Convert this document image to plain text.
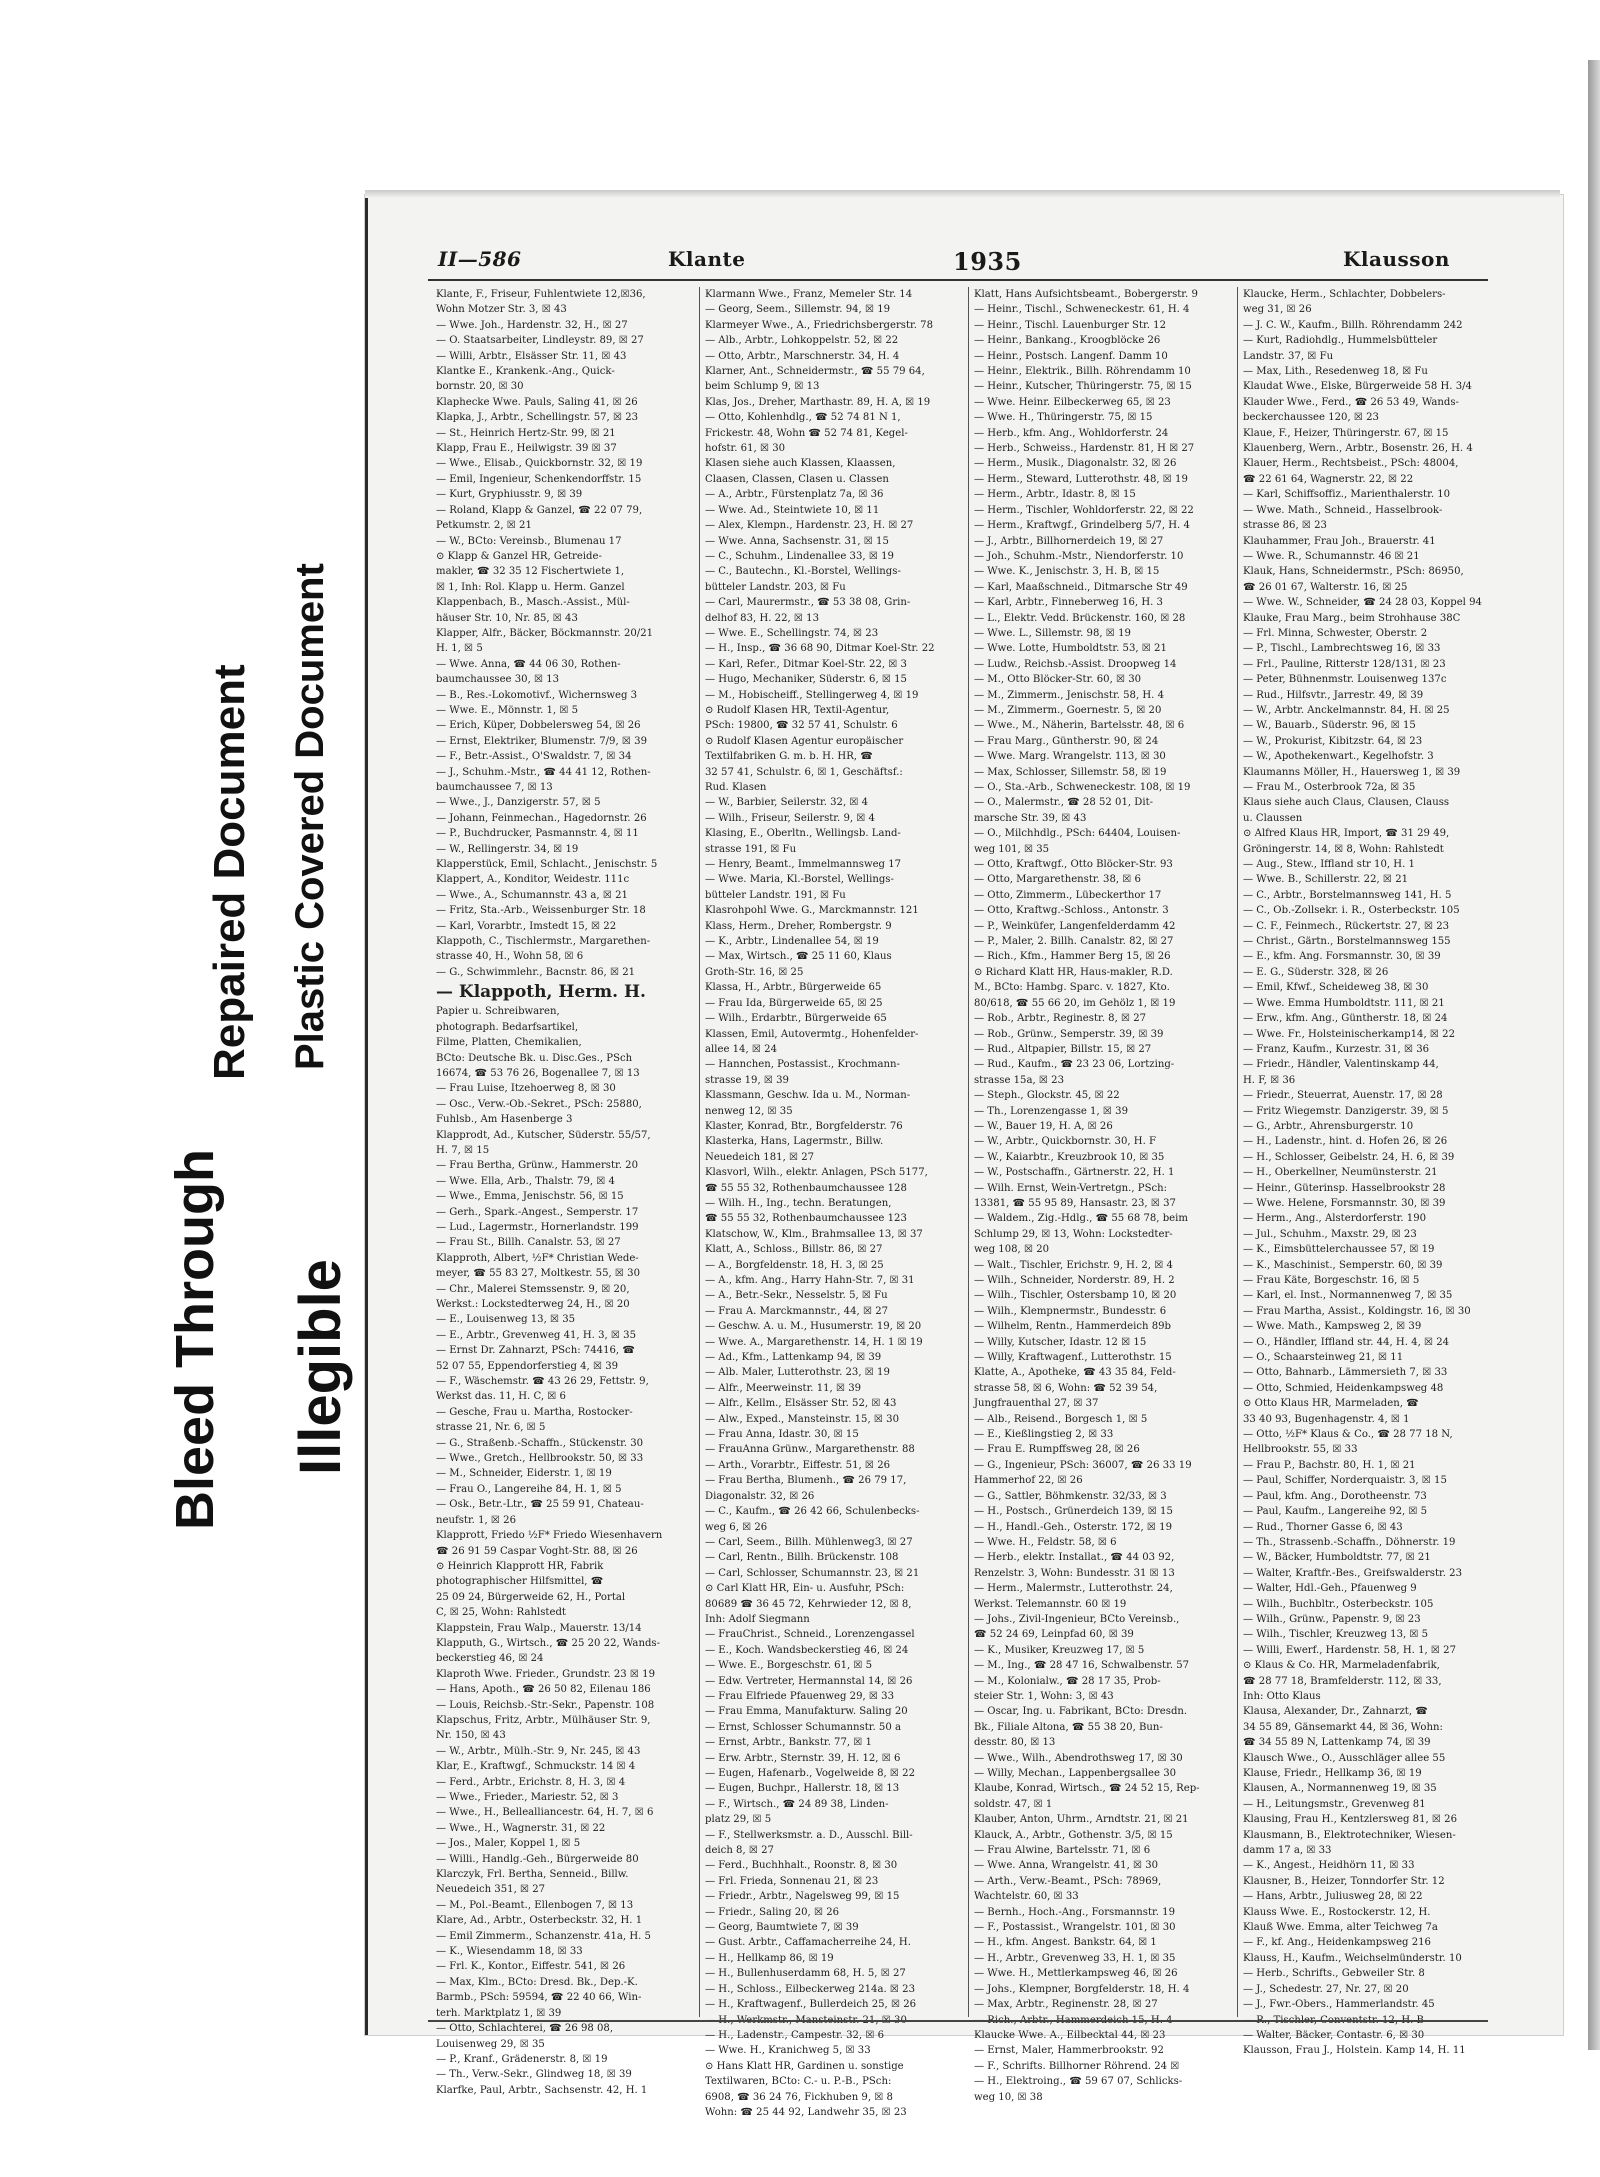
Bleed Through Illegible
Repaired Document Plastic Covered Document
II—586	Klante	1935	Klausson
Klante, F., Friseur, Fuhlentwiete 12,☒36,
Wohn Motzer Str. 3, ☒ 43
— Wwe. Joh., Hardenstr. 32, H., ☒ 27
— O. Staatsarbeiter, Lindleystr. 89, ☒ 27
— Willi, Arbtr., Elsässer Str. 11, ☒ 43
Klantke E., Krankenk.-Ang., Quick-
bornstr. 20, ☒ 30
Klaphecke Wwe. Pauls, Saling 41, ☒ 26
Klapka, J., Arbtr., Schellingstr. 57, ☒ 23
— St., Heinrich Hertz-Str. 99, ☒ 21
Klapp, Frau E., Heilwigstr. 39 ☒ 37
— Wwe., Elisab., Quickbornstr. 32, ☒ 19
— Emil, Ingenieur, Schenkendorffstr. 15
— Kurt, Gryphiusstr. 9, ☒ 39
— Roland, Klapp & Ganzel, ☎ 22 07 79,
Petkumstr. 2, ☒ 21
— W., BCto: Vereinsb., Blumenau 17
⊙ Klapp & Ganzel HR, Getreide-
makler, ☎ 32 35 12 Fischertwiete 1,
☒ 1, Inh: Rol. Klapp u. Herm. Ganzel
Klappenbach, B., Masch.-Assist., Mül-
häuser Str. 10, Nr. 85, ☒ 43
Klapper, Alfr., Bäcker, Böckmannstr. 20/21
H. 1, ☒ 5
— Wwe. Anna, ☎ 44 06 30, Rothen-
baumchaussee 30, ☒ 13
— B., Res.-Lokomotivf., Wichernsweg 3
— Wwe. E., Mönnstr. 1, ☒ 5
— Erich, Küper, Dobbelersweg 54, ☒ 26
— Ernst, Elektriker, Blumenstr. 7/9, ☒ 39
— F., Betr.-Assist., O'Swaldstr. 7, ☒ 34
— J., Schuhm.-Mstr., ☎ 44 41 12, Rothen-
baumchaussee 7, ☒ 13
— Wwe., J., Danzigerstr. 57, ☒ 5
— Johann, Feinmechan., Hagedornstr. 26
— P., Buchdrucker, Pasmannstr. 4, ☒ 11
— W., Rellingerstr. 34, ☒ 19
Klapperstück, Emil, Schlacht., Jenischstr. 5
Klappert, A., Konditor, Weidestr. 111c
— Wwe., A., Schumannstr. 43 a, ☒ 21
— Fritz, Sta.-Arb., Weissenburger Str. 18
— Karl, Vorarbtr., Imstedt 15, ☒ 22
Klappoth, C., Tischlermstr., Margarethen-
strasse 40, H., Wohn 58, ☒ 6
— G., Schwimmlehr., Bacnstr. 86, ☒ 21
— Klappoth, Herm. H.
Papier u. Schreibwaren,
photograph. Bedarfsartikel,
Filme, Platten, Chemikalien,
BCto: Deutsche Bk. u. Disc.Ges., PSch
16674, ☎ 53 76 26, Bogenallee 7, ☒ 13
— Frau Luise, Itzehoerweg 8, ☒ 30
— Osc., Verw.-Ob.-Sekret., PSch: 25880,
Fuhlsb., Am Hasenberge 3
Klapprodt, Ad., Kutscher, Süderstr. 55/57,
H. 7, ☒ 15
— Frau Bertha, Grünw., Hammerstr. 20
— Wwe. Ella, Arb., Thalstr. 79, ☒ 4
— Wwe., Emma, Jenischstr. 56, ☒ 15
— Gerh., Spark.-Angest., Semperstr. 17
— Lud., Lagermstr., Hornerlandstr. 199
— Frau St., Billh. Canalstr. 53, ☒ 27
Klapproth, Albert, ½F* Christian Wede-
meyer, ☎ 55 83 27, Moltkestr. 55, ☒ 30
— Chr., Malerei Stemssenstr. 9, ☒ 20,
Werkst.: Lockstedterweg 24, H., ☒ 20
— E., Louisenweg 13, ☒ 35
— E., Arbtr., Grevenweg 41, H. 3, ☒ 35
— Ernst Dr. Zahnarzt, PSch: 74416, ☎
52 07 55, Eppendorferstieg 4, ☒ 39
— F., Wäschemstr. ☎ 43 26 29, Fettstr. 9,
Werkst das. 11, H. C, ☒ 6
— Gesche, Frau u. Martha, Rostocker-
strasse 21, Nr. 6, ☒ 5
— G., Straßenb.-Schaffn., Stückenstr. 30
— Wwe., Gretch., Hellbrookstr. 50, ☒ 33
— M., Schneider, Eiderstr. 1, ☒ 19
— Frau O., Langereihe 84, H. 1, ☒ 5
— Osk., Betr.-Ltr., ☎ 25 59 91, Chateau-
neufstr. 1, ☒ 26
Klapprott, Friedo ½F* Friedo Wiesenhavern
☎ 26 91 59 Caspar Voght-Str. 88, ☒ 26
⊙ Heinrich Klapprott HR, Fabrik
photographischer Hilfsmittel, ☎
25 09 24, Bürgerweide 62, H., Portal
C, ☒ 25, Wohn: Rahlstedt
Klappstein, Frau Walp., Mauerstr. 13/14
Klapputh, G., Wirtsch., ☎ 25 20 22, Wands-
beckerstieg 46, ☒ 24
Klaproth Wwe. Frieder., Grundstr. 23 ☒ 19
— Hans, Apoth., ☎ 26 50 82, Eilenau 186
— Louis, Reichsb.-Str.-Sekr., Papenstr. 108
Klapschus, Fritz, Arbtr., Mülhäuser Str. 9,
Nr. 150, ☒ 43
— W., Arbtr., Mülh.-Str. 9, Nr. 245, ☒ 43
Klar, E., Kraftwgf., Schmuckstr. 14 ☒ 4
— Ferd., Arbtr., Erichstr. 8, H. 3, ☒ 4
— Wwe., Frieder., Mariestr. 52, ☒ 3
— Wwe., H., Bellealliancestr. 64, H. 7, ☒ 6
— Wwe., H., Wagnerstr. 31, ☒ 22
— Jos., Maler, Koppel 1, ☒ 5
— Willi., Handlg.-Geh., Bürgerweide 80
Klarczyk, Frl. Bertha, Senneid., Billw.
Neuedeich 351, ☒ 27
— M., Pol.-Beamt., Ellenbogen 7, ☒ 13
Klare, Ad., Arbtr., Osterbeckstr. 32, H. 1
— Emil Zimmerm., Schanzenstr. 41a, H. 5
— K., Wiesendamm 18, ☒ 33
— Frl. K., Kontor., Eiffestr. 541, ☒ 26
— Max, Klm., BCto: Dresd. Bk., Dep.-K.
Barmb., PSch: 59594, ☎ 22 40 66, Win-
terh. Marktplatz 1, ☒ 39
— Otto, Schlachterei, ☎ 26 98 08,
Louisenweg 29, ☒ 35
— P., Kranf., Grädenerstr. 8, ☒ 19
— Th., Verw.-Sekr., Glindweg 18, ☒ 39
Klarfke, Paul, Arbtr., Sachsenstr. 42, H. 1
Klarmann Wwe., Franz, Memeler Str. 14
— Georg, Seem., Sillemstr. 94, ☒ 19
Klarmeyer Wwe., A., Friedrichsbergerstr. 78
— Alb., Arbtr., Lohkoppelstr. 52, ☒ 22
— Otto, Arbtr., Marschnerstr. 34, H. 4
Klarner, Ant., Schneidermstr., ☎ 55 79 64,
beim Schlump 9, ☒ 13
Klas, Jos., Dreher, Marthastr. 89, H. A, ☒ 19
— Otto, Kohlenhdlg., ☎ 52 74 81 N 1,
Frickestr. 48, Wohn ☎ 52 74 81, Kegel-
hofstr. 61, ☒ 30
Klasen siehe auch Klassen, Klaassen,
Claasen, Classen, Clasen u. Classen
— A., Arbtr., Fürstenplatz 7a, ☒ 36
— Wwe. Ad., Steintwiete 10, ☒ 11
— Alex, Klempn., Hardenstr. 23, H. ☒ 27
— Wwe. Anna, Sachsenstr. 31, ☒ 15
— C., Schuhm., Lindenallee 33, ☒ 19
— C., Bautechn., Kl.-Borstel, Wellings-
bütteler Landstr. 203, ☒ Fu
— Carl, Maurermstr., ☎ 53 38 08, Grin-
delhof 83, H. 22, ☒ 13
— Wwe. E., Schellingstr. 74, ☒ 23
— H., Insp., ☎ 36 68 90, Ditmar Koel-Str. 22
— Karl, Refer., Ditmar Koel-Str. 22, ☒ 3
— Hugo, Mechaniker, Süderstr. 6, ☒ 15
— M., Hobischeiff., Stellingerweg 4, ☒ 19
⊙ Rudolf Klasen HR, Textil-Agentur,
PSch: 19800, ☎ 32 57 41, Schulstr. 6
⊙ Rudolf Klasen Agentur europäischer
Textilfabriken G. m. b. H. HR, ☎
32 57 41, Schulstr. 6, ☒ 1, Geschäftsf.:
Rud. Klasen
— W., Barbier, Seilerstr. 32, ☒ 4
— Wilh., Friseur, Seilerstr. 9, ☒ 4
Klasing, E., Oberltn., Wellingsb. Land-
strasse 191, ☒ Fu
— Henry, Beamt., Immelmannsweg 17
— Wwe. Maria, Kl.-Borstel, Wellings-
bütteler Landstr. 191, ☒ Fu
Klasrohpohl Wwe. G., Marckmannstr. 121
Klass, Herm., Dreher, Rombergstr. 9
— K., Arbtr., Lindenallee 54, ☒ 19
— Max, Wirtsch., ☎ 25 11 60, Klaus
Groth-Str. 16, ☒ 25
Klassa, H., Arbtr., Bürgerweide 65
— Frau Ida, Bürgerweide 65, ☒ 25
— Wilh., Erdarbtr., Bürgerweide 65
Klassen, Emil, Autovermtg., Hohenfelder-
allee 14, ☒ 24
— Hannchen, Postassist., Krochmann-
strasse 19, ☒ 39
Klassmann, Geschw. Ida u. M., Norman-
nenweg 12, ☒ 35
Klaster, Konrad, Btr., Borgfelderstr. 76
Klasterka, Hans, Lagermstr., Billw.
Neuedeich 181, ☒ 27
Klasvorl, Wilh., elektr. Anlagen, PSch 5177,
☎ 55 55 32, Rothenbaumchaussee 128
— Wilh. H., Ing., techn. Beratungen,
☎ 55 55 32, Rothenbaumchaussee 123
Klatschow, W., Klm., Brahmsallee 13, ☒ 37
Klatt, A., Schloss., Billstr. 86, ☒ 27
— A., Borgfeldenstr. 18, H. 3, ☒ 25
— A., kfm. Ang., Harry Hahn-Str. 7, ☒ 31
— A., Betr.-Sekr., Nesselstr. 5, ☒ Fu
— Frau A. Marckmannstr., 44, ☒ 27
— Geschw. A. u. M., Husumerstr. 19, ☒ 20
— Wwe. A., Margarethenstr. 14, H. 1 ☒ 19
— Ad., Kfm., Lattenkamp 94, ☒ 39
— Alb. Maler, Lutterothstr. 23, ☒ 19
— Alfr., Meerweinstr. 11, ☒ 39
— Alfr., Kellm., Elsässer Str. 52, ☒ 43
— Alw., Exped., Mansteinstr. 15, ☒ 30
— Frau Anna, Idastr. 30, ☒ 15
— FrauAnna Grünw., Margarethenstr. 88
— Arth., Vorarbtr., Eiffestr. 51, ☒ 26
— Frau Bertha, Blumenh., ☎ 26 79 17,
Diagonalstr. 32, ☒ 26
— C., Kaufm., ☎ 26 42 66, Schulenbecks-
weg 6, ☒ 26
— Carl, Seem., Billh. Mühlenweg3, ☒ 27
— Carl, Rentn., Billh. Brückenstr. 108
— Carl, Schlosser, Schumannstr. 23, ☒ 21
⊙ Carl Klatt HR, Ein- u. Ausfuhr, PSch:
80689 ☎ 36 45 72, Kehrwieder 12, ☒ 8,
Inh: Adolf Siegmann
— FrauChrist., Schneid., Lorenzengassel
— E., Koch. Wandsbeckerstieg 46, ☒ 24
— Wwe. E., Borgeschstr. 61, ☒ 5
— Edw. Vertreter, Hermannstal 14, ☒ 26
— Frau Elfriede Pfauenweg 29, ☒ 33
— Frau Emma, Manufakturw. Saling 20
— Ernst, Schlosser Schumannstr. 50 a
— Ernst, Arbtr., Bankstr. 77, ☒ 1
— Erw. Arbtr., Sternstr. 39, H. 12, ☒ 6
— Eugen, Hafenarb., Vogelweide 8, ☒ 22
— Eugen, Buchpr., Hallerstr. 18, ☒ 13
— F., Wirtsch., ☎ 24 89 38, Linden-
platz 29, ☒ 5
— F., Stellwerksmstr. a. D., Ausschl. Bill-
deich 8, ☒ 27
— Ferd., Buchhhalt., Roonstr. 8, ☒ 30
— Frl. Frieda, Sonnenau 21, ☒ 23
— Friedr., Arbtr., Nagelsweg 99, ☒ 15
— Friedr., Saling 20, ☒ 26
— Georg, Baumtwiete 7, ☒ 39
— Gust. Arbtr., Caffamacherreihe 24, H.
— H., Hellkamp 86, ☒ 19
— H., Bullenhuserdamm 68, H. 5, ☒ 27
— H., Schloss., Eilbeckerweg 214a. ☒ 23
— H., Kraftwagenf., Bullerdeich 25, ☒ 26
— H., Ladenstr., Campestr. 32, ☒ 6
— Wwe. H., Kranichweg 5, ☒ 33
⊙ Hans Klatt HR, Gardinen u. sonstige
Textilwaren, BCto: C.- u. P.-B., PSch:
6908, ☎ 36 24 76, Fickhuben 9, ☒ 8
Wohn: ☎ 25 44 92, Landwehr 35, ☒ 23
Klatt, Hans Aufsichtsbeamt., Bobergerstr. 9
— Heinr., Tischl., Schweneckestr. 61, H. 4
— Heinr., Tischl. Lauenburger Str. 12
— Heinr., Bankang., Kroogblöcke 26
— Heinr., Postsch. Langenf. Damm 10
— Heinr., Elektrik., Billh. Röhrendamm 10
— Heinr., Kutscher, Thüringerstr. 75, ☒ 15
— Wwe. Heinr. Eilbeckerweg 65, ☒ 23
— Wwe. H., Thüringerstr. 75, ☒ 15
— Herb., kfm. Ang., Wohldorferstr. 24
— Herb., Schweiss., Hardenstr. 81, H ☒ 27
— Herm., Musik., Diagonalstr. 32, ☒ 26
— Herm., Steward, Lutterothstr. 48, ☒ 19
— Herm., Arbtr., Idastr. 8, ☒ 15
— Herm., Tischler, Wohldorferstr. 22, ☒ 22
— Herm., Kraftwgf., Grindelberg 5/7, H. 4
— J., Arbtr., Billhornerdeich 19, ☒ 27
— Joh., Schuhm.-Mstr., Niendorferstr. 10
— Wwe. K., Jenischstr. 3, H. B, ☒ 15
— Karl, Maaßschneid., Ditmarsche Str 49
— Karl, Arbtr., Finneberweg 16, H. 3
— L., Elektr. Vedd. Brückenstr. 160, ☒ 28
— Wwe. L., Sillemstr. 98, ☒ 19
— Wwe. Lotte, Humboldtstr. 53, ☒ 21
— Ludw., Reichsb.-Assist. Droopweg 14
— M., Otto Blöcker-Str. 60, ☒ 30
— M., Zimmerm., Jenischstr. 58, H. 4
— M., Zimmerm., Goernestr. 5, ☒ 20
— Wwe., M., Näherin, Bartelsstr. 48, ☒ 6
— Frau Marg., Güntherstr. 90, ☒ 24
— Wwe. Marg. Wrangelstr. 113, ☒ 30
— Max, Schlosser, Sillemstr. 58, ☒ 19
— O., Sta.-Arb., Schweneckestr. 108, ☒ 19
— O., Malermstr., ☎ 28 52 01, Dit-
marsche Str. 39, ☒ 43
— O., Milchhdlg., PSch: 64404, Louisen-
weg 101, ☒ 35
— Otto, Kraftwgf., Otto Blöcker-Str. 93
— Otto, Margarethenstr. 38, ☒ 6
— Otto, Zimmerm., Lübeckerthor 17
— Otto, Kraftwg.-Schloss., Antonstr. 3
— P., Weinküfer, Langenfelderdamm 42
— P., Maler, 2. Billh. Canalstr. 82, ☒ 27
— Rich., Kfm., Hammer Berg 15, ☒ 26
⊙ Richard Klatt HR, Haus-makler, R.D.
M., BCto: Hambg. Sparc. v. 1827, Kto.
80/618, ☎ 55 66 20, im Gehölz 1, ☒ 19
— Rob., Arbtr., Reginestr. 8, ☒ 27
— Rob., Grünw., Semperstr. 39, ☒ 39
— Rud., Altpapier, Billstr. 15, ☒ 27
— Rud., Kaufm., ☎ 23 23 06, Lortzing-
strasse 15a, ☒ 23
— Steph., Glockstr. 45, ☒ 22
— Th., Lorenzengasse 1, ☒ 39
— W., Bauer 19, H. A, ☒ 26
— W., Arbtr., Quickbornstr. 30, H. F
— W., Kaiarbtr., Kreuzbrook 10, ☒ 35
— W., Postschaffn., Gärtnerstr. 22, H. 1
— Wilh. Ernst, Wein-Vertretgn., PSch:
13381, ☎ 55 95 89, Hansastr. 23, ☒ 37
— Waldem., Zig.-Hdlg., ☎ 55 68 78, beim
Schlump 29, ☒ 13, Wohn: Lockstedter-
weg 108, ☒ 20
— Walt., Tischler, Erichstr. 9, H. 2, ☒ 4
— Wilh., Schneider, Norderstr. 89, H. 2
— Wilh., Tischler, Ostersbamp 10, ☒ 20
— Wilh., Klempnermstr., Bundesstr. 6
— Wilhelm, Rentn., Hammerdeich 89b
— Willy, Kutscher, Idastr. 12 ☒ 15
— Willy, Kraftwagenf., Lutterothstr. 15
Klatte, A., Apotheke, ☎ 43 35 84, Feld-
strasse 58, ☒ 6, Wohn: ☎ 52 39 54,
Jungfrauenthal 27, ☒ 37
— Alb., Reisend., Borgesch 1, ☒ 5
— E., Kießlingstieg 2, ☒ 33
— Frau E. Rumpffsweg 28, ☒ 26
— G., Ingenieur, PSch: 36007, ☎ 26 33 19
Hammerhof 22, ☒ 26
— G., Sattler, Böhmkenstr. 32/33, ☒ 3
— H., Postsch., Grünerdeich 139, ☒ 15
— H., Handl.-Geh., Osterstr. 172, ☒ 19
— Wwe. H., Feldstr. 58, ☒ 6
— Herb., elektr. Installat., ☎ 44 03 92,
Renzelstr. 3, Wohn: Bundesstr. 31 ☒ 13
— Herm., Malermstr., Lutterothstr. 24,
Werkst. Telemannstr. 60 ☒ 19
— Johs., Zivil-Ingenieur, BCto Vereinsb.,
☎ 52 24 69, Leinpfad 60, ☒ 39
— K., Musiker, Kreuzweg 17, ☒ 5
— M., Ing., ☎ 28 47 16, Schwalbenstr. 57
— M., Kolonialw., ☎ 28 17 35, Prob-
steier Str. 1, Wohn: 3, ☒ 43
— Oscar, Ing. u. Fabrikant, BCto: Dresdn.
Bk., Filiale Altona, ☎ 55 38 20, Bun-
desstr. 80, ☒ 13
— Wwe., Wilh., Abendrothsweg 17, ☒ 30
— Willy, Mechan., Lappenbergsallee 30
Klaube, Konrad, Wirtsch., ☎ 24 52 15, Rep-
soldstr. 47, ☒ 1
Klauber, Anton, Uhrm., Arndtstr. 21, ☒ 21
Klauck, A., Arbtr., Gothenstr. 3/5, ☒ 15
— Frau Alwine, Bartelsstr. 71, ☒ 6
— Wwe. Anna, Wrangelstr. 41, ☒ 30
— Arth., Verw.-Beamt., PSch: 78969,
Wachtelstr. 60, ☒ 33
— Bernh., Hoch.-Ang., Forsmannstr. 19
— F., Postassist., Wrangelstr. 101, ☒ 30
— H., kfm. Angest. Bankstr. 64, ☒ 1
— H., Arbtr., Grevenweg 33, H. 1, ☒ 35
— Wwe. H., Mettlerkampsweg 46, ☒ 26
— Johs., Klempner, Borgfelderstr. 18, H. 4
— Max, Arbtr., Reginenstr. 28, ☒ 27
Klaucke Wwe. A., Eilbecktal 44, ☒ 23
— Ernst, Maler, Hammerbrookstr. 92
— F., Schrifts. Billhorner Röhrend. 24 ☒
— H., Elektroing., ☎ 59 67 07, Schlicks-
weg 10, ☒ 38
Klaucke, Herm., Schlachter, Dobbelers-
weg 31, ☒ 26
— J. C. W., Kaufm., Billh. Röhrendamm 242
— Kurt, Radiohdlg., Hummelsbütteler
Landstr. 37, ☒ Fu
— Max, Lith., Resedenweg 18, ☒ Fu
Klaudat Wwe., Elske, Bürgerweide 58 H. 3/4
Klauder Wwe., Ferd., ☎ 26 53 49, Wands-
beckerchaussee 120, ☒ 23
Klaue, F., Heizer, Thüringerstr. 67, ☒ 15
Klauenberg, Wern., Arbtr., Bosenstr. 26, H. 4
Klauer, Herm., Rechtsbeist., PSch: 48004,
☎ 22 61 64, Wagnerstr. 22, ☒ 22
— Karl, Schiffsoffiz., Marienthalerstr. 10
— Wwe. Math., Schneid., Hasselbrook-
strasse 86, ☒ 23
Klauhammer, Frau Joh., Brauerstr. 41
— Wwe. R., Schumannstr. 46 ☒ 21
Klauk, Hans, Schneidermstr., PSch: 86950,
☎ 26 01 67, Walterstr. 16, ☒ 25
— Wwe. W., Schneider, ☎ 24 28 03, Koppel 94
Klauke, Frau Marg., beim Strohhause 38C
— Frl. Minna, Schwester, Oberstr. 2
— P., Tischl., Lambrechtsweg 16, ☒ 33
— Frl., Pauline, Ritterstr 128/131, ☒ 23
— Peter, Bühnenmstr. Louisenweg 137c
— Rud., Hilfsvtr., Jarrestr. 49, ☒ 39
— W., Arbtr. Anckelmannstr. 84, H. ☒ 25
— W., Bauarb., Süderstr. 96, ☒ 15
— W., Prokurist, Kibitzstr. 64, ☒ 23
— W., Apothekenwart., Kegelhofstr. 3
Klaumanns Möller, H., Hauersweg 1, ☒ 39
— Frau M., Osterbrook 72a, ☒ 35
Klaus siehe auch Claus, Clausen, Clauss
u. Claussen
⊙ Alfred Klaus HR, Import, ☎ 31 29 49,
Gröningerstr. 14, ☒ 8, Wohn: Rahlstedt
— Aug., Stew., Iffland str 10, H. 1
— Wwe. B., Schillerstr. 22, ☒ 21
— C., Arbtr., Borstelmannsweg 141, H. 5
— C., Ob.-Zollsekr. i. R., Osterbeckstr. 105
— C. F., Feinmech., Rückertstr. 27, ☒ 23
— Christ., Gärtn., Borstelmannsweg 155
— E., kfm. Ang. Forsmannstr. 30, ☒ 39
— E. G., Süderstr. 328, ☒ 26
— Emil, Kfwf., Scheideweg 38, ☒ 30
— Wwe. Emma Humboldtstr. 111, ☒ 21
— Erw., kfm. Ang., Güntherstr. 18, ☒ 24
— Wwe. Fr., Holsteinischerkamp14, ☒ 22
— Franz, Kaufm., Kurzestr. 31, ☒ 36
— Friedr., Händler, Valentinskamp 44,
H. F, ☒ 36
— Friedr., Steuerrat, Auenstr. 17, ☒ 28
— Fritz Wiegemstr. Danzigerstr. 39, ☒ 5
— G., Arbtr., Ahrensburgerstr. 10
— H., Ladenstr., hint. d. Hofen 26, ☒ 26
— H., Schlosser, Geibelstr. 24, H. 6, ☒ 39
— H., Oberkellner, Neumünsterstr. 21
— Heinr., Güterinsp. Hasselbrookstr 28
— Wwe. Helene, Forsmannstr. 30, ☒ 39
— Herm., Ang., Alsterdorferstr. 190
— Jul., Schuhm., Maxstr. 29, ☒ 23
— K., Eimsbüttelerchaussee 57, ☒ 19
— K., Maschinist., Semperstr. 60, ☒ 39
— Frau Käte, Borgeschstr. 16, ☒ 5
— Karl, el. Inst., Normannenweg 7, ☒ 35
— Frau Martha, Assist., Koldingstr. 16, ☒ 30
— Wwe. Math., Kampsweg 2, ☒ 39
— O., Händler, Iffland str. 44, H. 4, ☒ 24
— O., Schaarsteinweg 21, ☒ 11
— Otto, Bahnarb., Lämmersieth 7, ☒ 33
— Otto, Schmied, Heidenkampsweg 48
⊙ Otto Klaus HR, Marmeladen, ☎
33 40 93, Bugenhagenstr. 4, ☒ 1
— Otto, ½F* Klaus & Co., ☎ 28 77 18 N,
Hellbrookstr. 55, ☒ 33
— Frau P., Bachstr. 80, H. 1, ☒ 21
— Paul, Schiffer, Norderquaistr. 3, ☒ 15
— Paul, kfm. Ang., Dorotheenstr. 73
— Paul, Kaufm., Langereihe 92, ☒ 5
— Rud., Thorner Gasse 6, ☒ 43
— Th., Strassenb.-Schaffn., Döhnerstr. 19
— W., Bäcker, Humboldtstr. 77, ☒ 21
— Walter, Kraftfr.-Bes., Greifswalderstr. 23
— Walter, Hdl.-Geh., Pfauenweg 9
— Wilh., Buchbltr., Osterbeckstr. 105
— Wilh., Grünw., Papenstr. 9, ☒ 23
— Wilh., Tischler, Kreuzweg 13, ☒ 5
— Willi, Ewerf., Hardenstr. 58, H. 1, ☒ 27
⊙ Klaus & Co. HR, Marmeladenfabrik,
☎ 28 77 18, Bramfelderstr. 112, ☒ 33,
Inh: Otto Klaus
Klausa, Alexander, Dr., Zahnarzt, ☎
34 55 89, Gänsemarkt 44, ☒ 36, Wohn:
☎ 34 55 89 N, Lattenkamp 74, ☒ 39
Klausch Wwe., O., Ausschläger allee 55
Klause, Friedr., Hellkamp 36, ☒ 19
Klausen, A., Normannenweg 19, ☒ 35
— H., Leitungsmstr., Grevenweg 81
Klausing, Frau H., Kentzlersweg 81, ☒ 26
Klausmann, B., Elektrotechniker, Wiesen-
damm 17 a, ☒ 33
— K., Angest., Heidhörn 11, ☒ 33
Klausner, B., Heizer, Tonndorfer Str. 12
— Hans, Arbtr., Juliusweg 28, ☒ 22
Klauss Wwe. E., Rostockerstr. 12, H.
Klauß Wwe. Emma, alter Teichweg 7a
— F., kf. Ang., Heidenkampsweg 216
Klauss, H., Kaufm., Weichselmünderstr. 10
— Herb., Schrifts., Gebweiler Str. 8
— J., Schedestr. 27, Nr. 27, ☒ 20
— J., Fwr.-Obers., Hammerlandstr. 45
— Walter, Bäcker, Contastr. 6, ☒ 30
Klausson, Frau J., Holstein. Kamp 14, H. 11
